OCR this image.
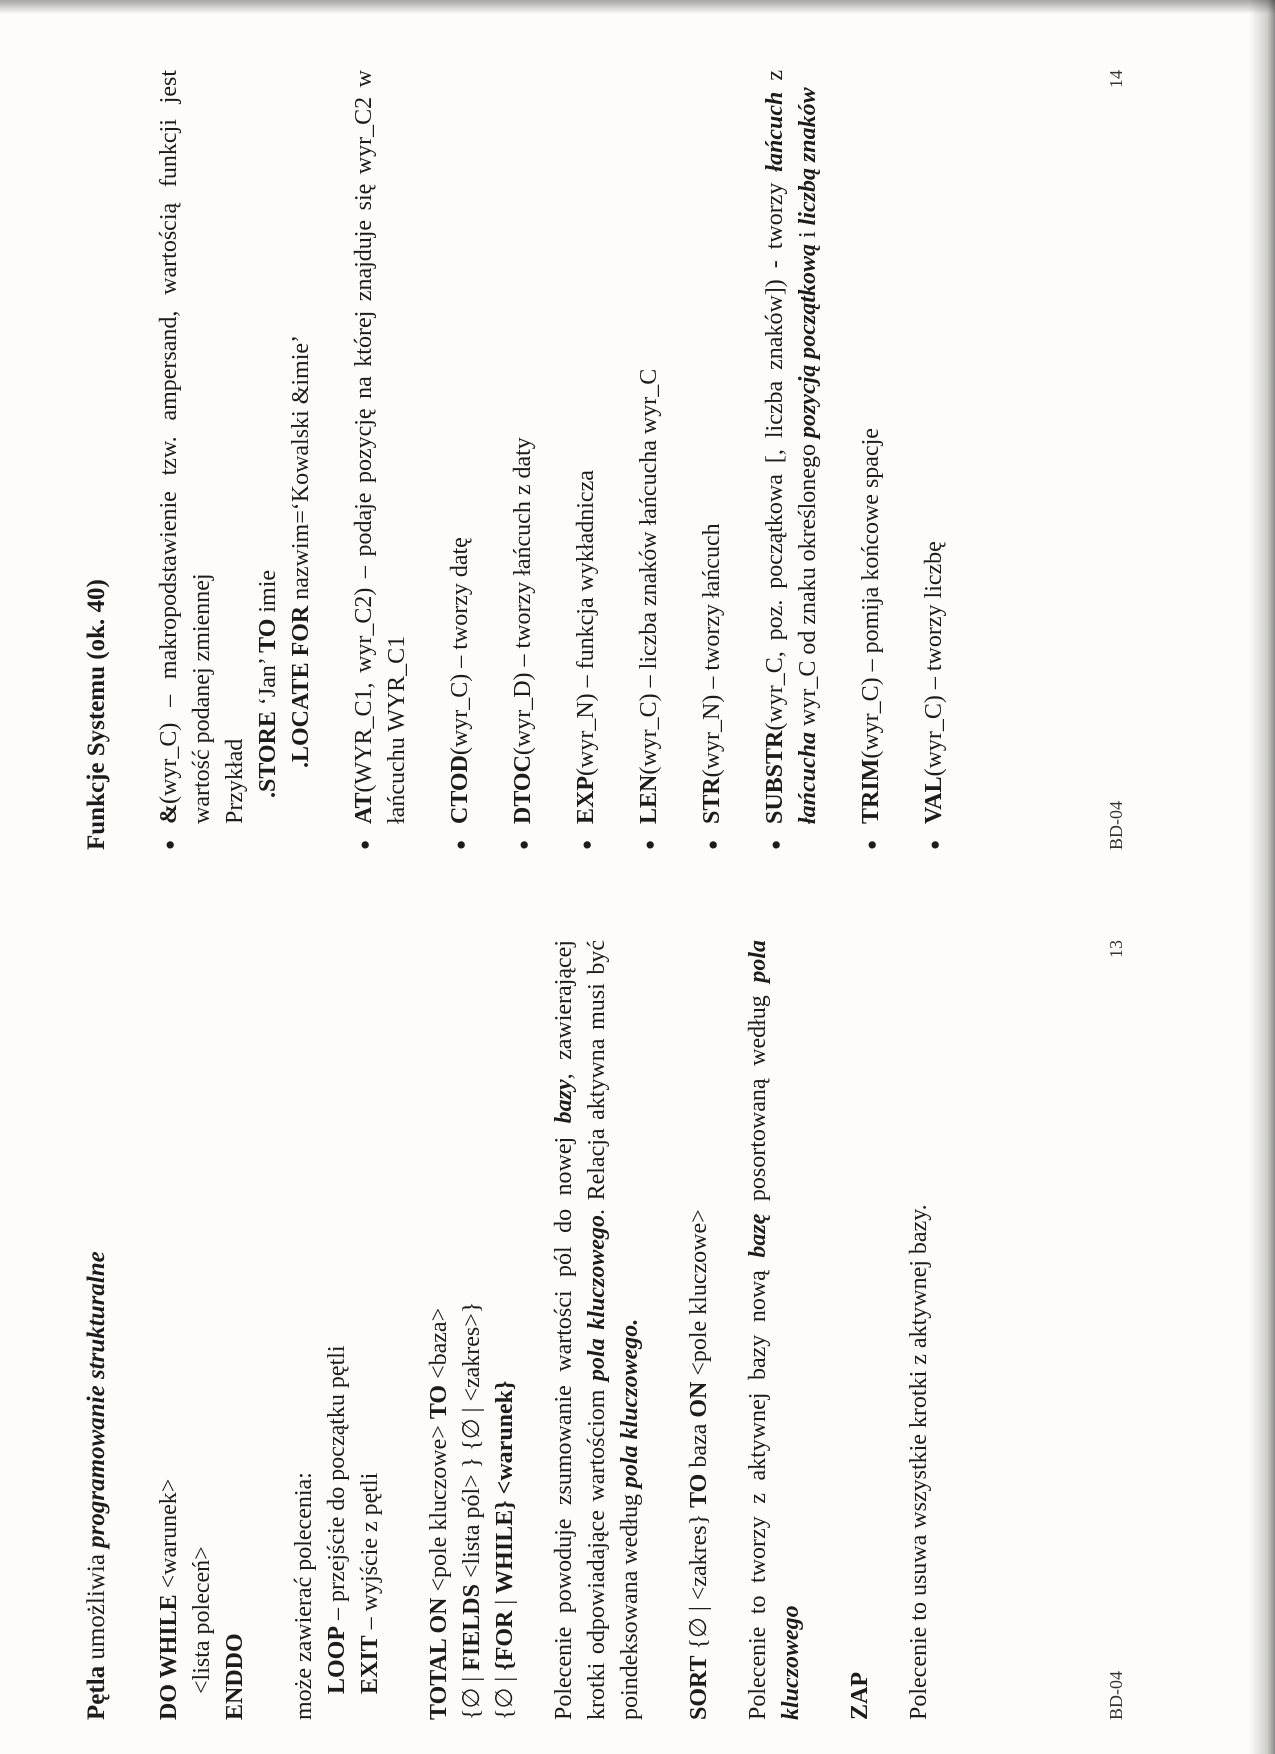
Pętla umożliwia programowanie strukturalne

DO WHILE <warunek>
<lista poleceń> ENDDO może zawierać polecenia: LOOP – przejście do początku pętli
EXIT – wyjście z pętli
TOTAL ON <pole kluczowe> TO <baza>
{∅ | FIELDS <lista pól> } {∅ | <zakres>}
{∅ | {FOR | WHILE} <warunek} Polecenie powoduje zsumowanie wartości pól do nowej bazy, zawierającej krotki odpowiadające wartościom pola kluczowego. Relacja aktywna musi być poindeksowana według pola kluczowego.

SORT {∅ | <zakres} TO baza ON <pole kluczowe> Polecenie to tworzy z aktywnej bazy nową bazę posortowaną według pola kluczowego ZAP Polecenie to usuwa wszystkie krotki z aktywnej bazy.	BD-04
13

Funkcje Systemu (ok. 40) ● &(wyr_C) – makropodstawienie tzw. ampersand, wartością funkcji jest wartość podanej zmiennej Przykład .STORE ‘Jan’ TO imie
.LOCATE FOR nazwim=‘Kowalski &imie’
● AT(WYR_C1, wyr_C2) – podaje pozycję na której znajduje się wyr_C2 w łańcuchu WYR_C1 ● CTOD(wyr_C) – tworzy datę
● DTOC(wyr_D) – tworzy łańcuch z daty
● EXP(wyr_N) – funkcja wykładnicza
● LEN(wyr_C) – liczba znaków łańcucha wyr_C
● STR(wyr_N) – tworzy łańcuch ● SUBSTR(wyr_C, poz. początkowa [, liczba znaków]) - tworzy łańcuch z łańcucha wyr_C od znaku określonego pozycją początkową i liczbą znaków
● TRIM(wyr_C) – pomija końcowe spacje
● VAL(wyr_C) – tworzy liczbę
BD-04
14
